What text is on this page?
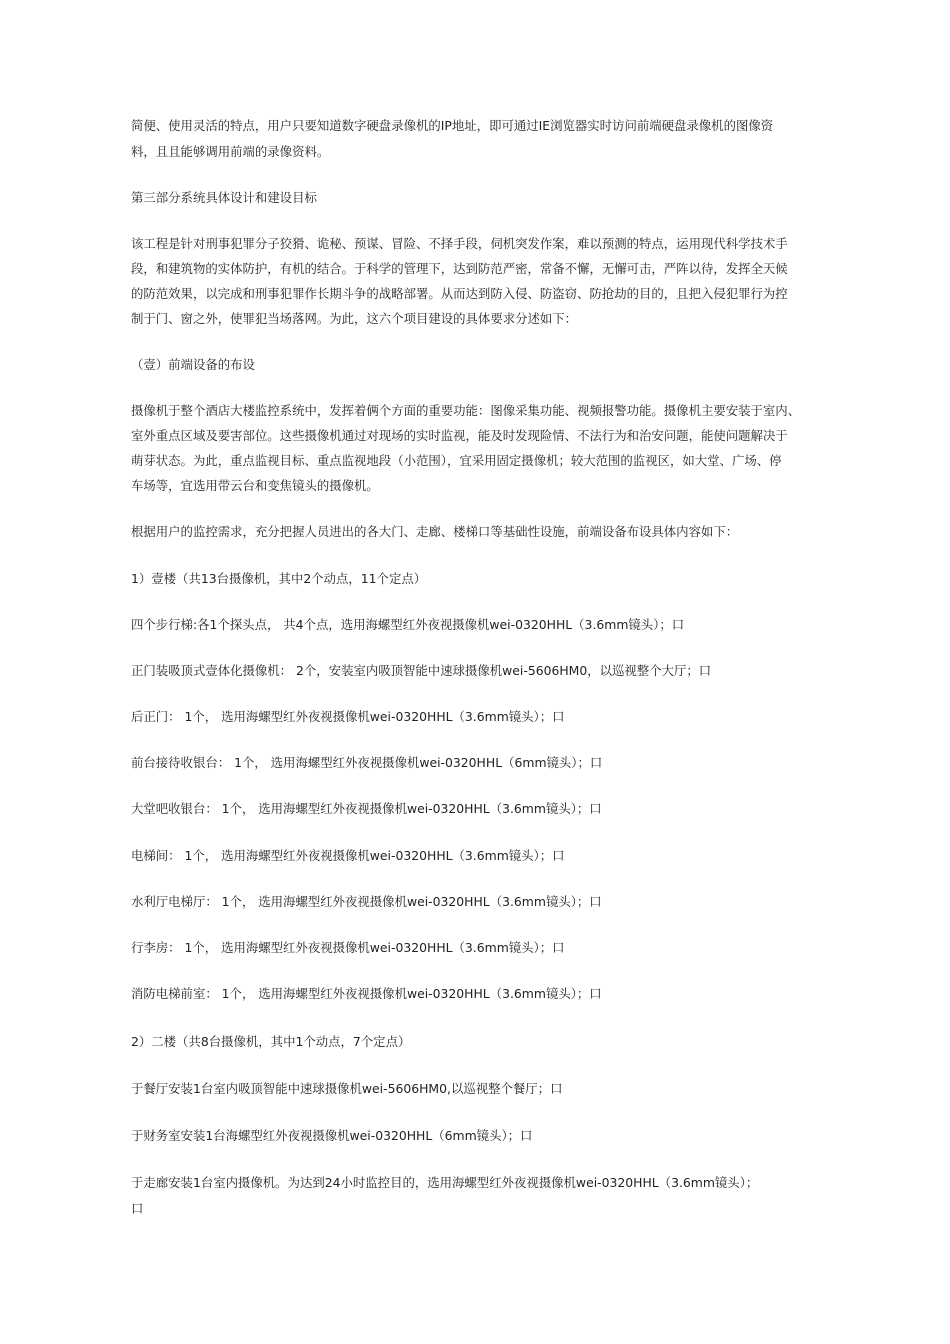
简便、使用灵活的特点，用户只要知道数字硬盘录像机的IP地址，即可通过IE浏览器实时访问前端硬盘录像机的图像资

料，且且能够调用前端的录像资料。

第三部分系统具体设计和建设目标

该工程是针对刑事犯罪分子狡猾、诡秘、预谋、冒险、不择手段，伺机突发作案，难以预测的特点，运用现代科学技术手

段，和建筑物的实体防护，有机的结合。于科学的管理下，达到防范严密，常备不懈，无懈可击，严阵以待，发挥全天候

的防范效果，以完成和刑事犯罪作长期斗争的战略部署。从而达到防入侵、防盗窃、防抢劫的目的，且把入侵犯罪行为控

制于门、窗之外，使罪犯当场落网。为此，这六个项目建设的具体要求分述如下：

（壹）前端设备的布设

摄像机于整个酒店大楼监控系统中，发挥着俩个方面的重要功能：图像采集功能、视频报警功能。摄像机主要安装于室内、

室外重点区域及要害部位。这些摄像机通过对现场的实时监视，能及时发现险情、不法行为和治安问题，能使问题解决于

萌芽状态。为此，重点监视目标、重点监视地段（小范围），宜采用固定摄像机；较大范围的监视区，如大堂、广场、停

车场等，宜选用带云台和变焦镜头的摄像机。

根据用户的监控需求，充分把握人员进出的各大门、走廊、楼梯口等基础性设施，前端设备布设具体内容如下：

1）壹楼（共13台摄像机，其中2个动点，11个定点）

四个步行梯:各1个探头点， 共4个点，选用海螺型红外夜视摄像机wei-0320HHL（3.6mm镜头）；口

正门装吸顶式壹体化摄像机： 2个，安装室内吸顶智能中速球摄像机wei-5606HM0，以巡视整个大厅；口

后正门： 1个， 选用海螺型红外夜视摄像机wei-0320HHL（3.6mm镜头）；口

前台接待收银台： 1个， 选用海螺型红外夜视摄像机wei-0320HHL（6mm镜头）；口

大堂吧收银台： 1个， 选用海螺型红外夜视摄像机wei-0320HHL（3.6mm镜头）；口

电梯间： 1个， 选用海螺型红外夜视摄像机wei-0320HHL（3.6mm镜头）；口

水利厅电梯厅： 1个， 选用海螺型红外夜视摄像机wei-0320HHL（3.6mm镜头）；口

行李房： 1个， 选用海螺型红外夜视摄像机wei-0320HHL（3.6mm镜头）；口

消防电梯前室： 1个， 选用海螺型红外夜视摄像机wei-0320HHL（3.6mm镜头）；口

2）二楼（共8台摄像机，其中1个动点，7个定点）

于餐厅安装1台室内吸顶智能中速球摄像机wei-5606HM0,以巡视整个餐厅；口

于财务室安装1台海螺型红外夜视摄像机wei-0320HHL（6mm镜头）；口

于走廊安装1台室内摄像机。为达到24小时监控目的，选用海螺型红外夜视摄像机wei-0320HHL（3.6mm镜头）；

口
